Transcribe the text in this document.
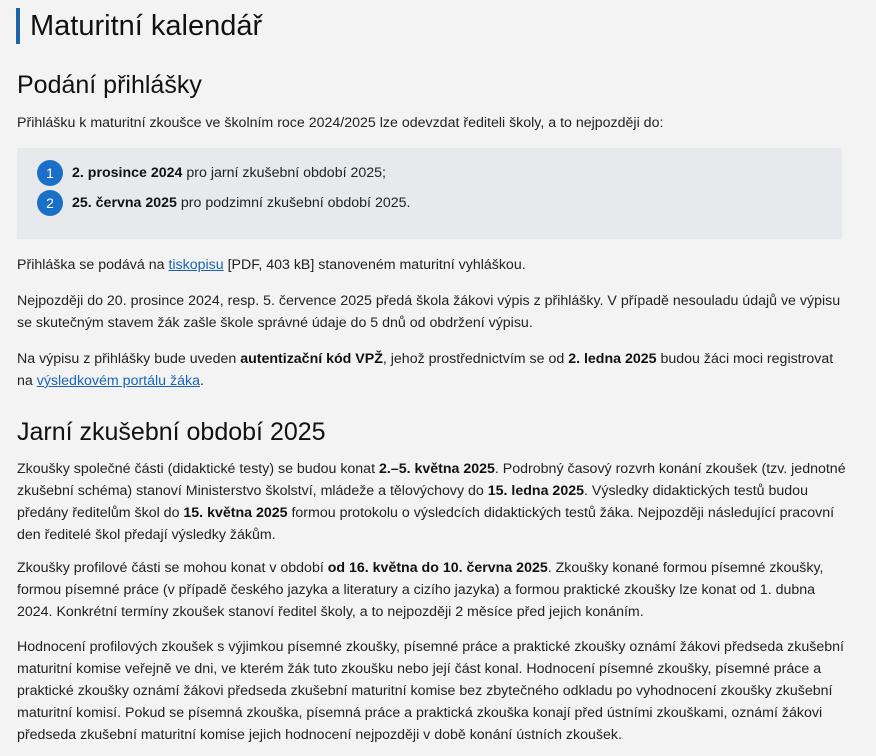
Maturitní kalendář
Podání přihlášky

Přihlášku k maturitní zkoušce ve školním roce 2024/2025 lze odevzdat řediteli školy, a to nejpozději do:

1	2. prosince 2024 pro jarní zkušební období 2025;
2	25. června 2025 pro podzimní zkušební období 2025.

Přihláška se podává na tiskopisu [PDF, 403 kB] stanoveném maturitní vyhláškou.

Nejpozději do 20. prosince 2024, resp. 5. července 2025 předá škola žákovi výpis z přihlášky. V případě nesouladu údajů ve výpisu se skutečným stavem žák zašle škole správné údaje do 5 dnů od obdržení výpisu.

Na výpisu z přihlášky bude uveden autentizační kód VPŽ, jehož prostřednictvím se od 2. ledna 2025 budou žáci moci registrovat na výsledkovém portálu žáka.

Jarní zkušební období 2025

Zkoušky společné části (didaktické testy) se budou konat 2.–5. května 2025. Podrobný časový rozvrh konání zkoušek (tzv. jednotné zkušební schéma) stanoví Ministerstvo školství, mládeže a tělovýchovy do 15. ledna 2025. Výsledky didaktických testů budou předány ředitelům škol do 15. května 2025 formou protokolu o výsledcích didaktických testů žáka. Nejpozději následující pracovní den ředitelé škol předají výsledky žákům.

Zkoušky profilové části se mohou konat v období od 16. května do 10. června 2025. Zkoušky konané formou písemné zkoušky, formou písemné práce (v případě českého jazyka a literatury a cizího jazyka) a formou praktické zkoušky lze konat od 1. dubna 2024. Konkrétní termíny zkoušek stanoví ředitel školy, a to nejpozději 2 měsíce před jejich konáním.

Hodnocení profilových zkoušek s výjimkou písemné zkoušky, písemné práce a praktické zkoušky oznámí žákovi předseda zkušební maturitní komise veřejně ve dni, ve kterém žák tuto zkoušku nebo její část konal. Hodnocení písemné zkoušky, písemné práce a praktické zkoušky oznámí žákovi předseda zkušební maturitní komise bez zbytečného odkladu po vyhodnocení zkoušky zkušební maturitní komisí. Pokud se písemná zkouška, písemná práce a praktická zkouška konají před ústními zkouškami, oznámí žákovi předseda zkušební maturitní komise jejich hodnocení nejpozději v době konání ústních zkoušek.
